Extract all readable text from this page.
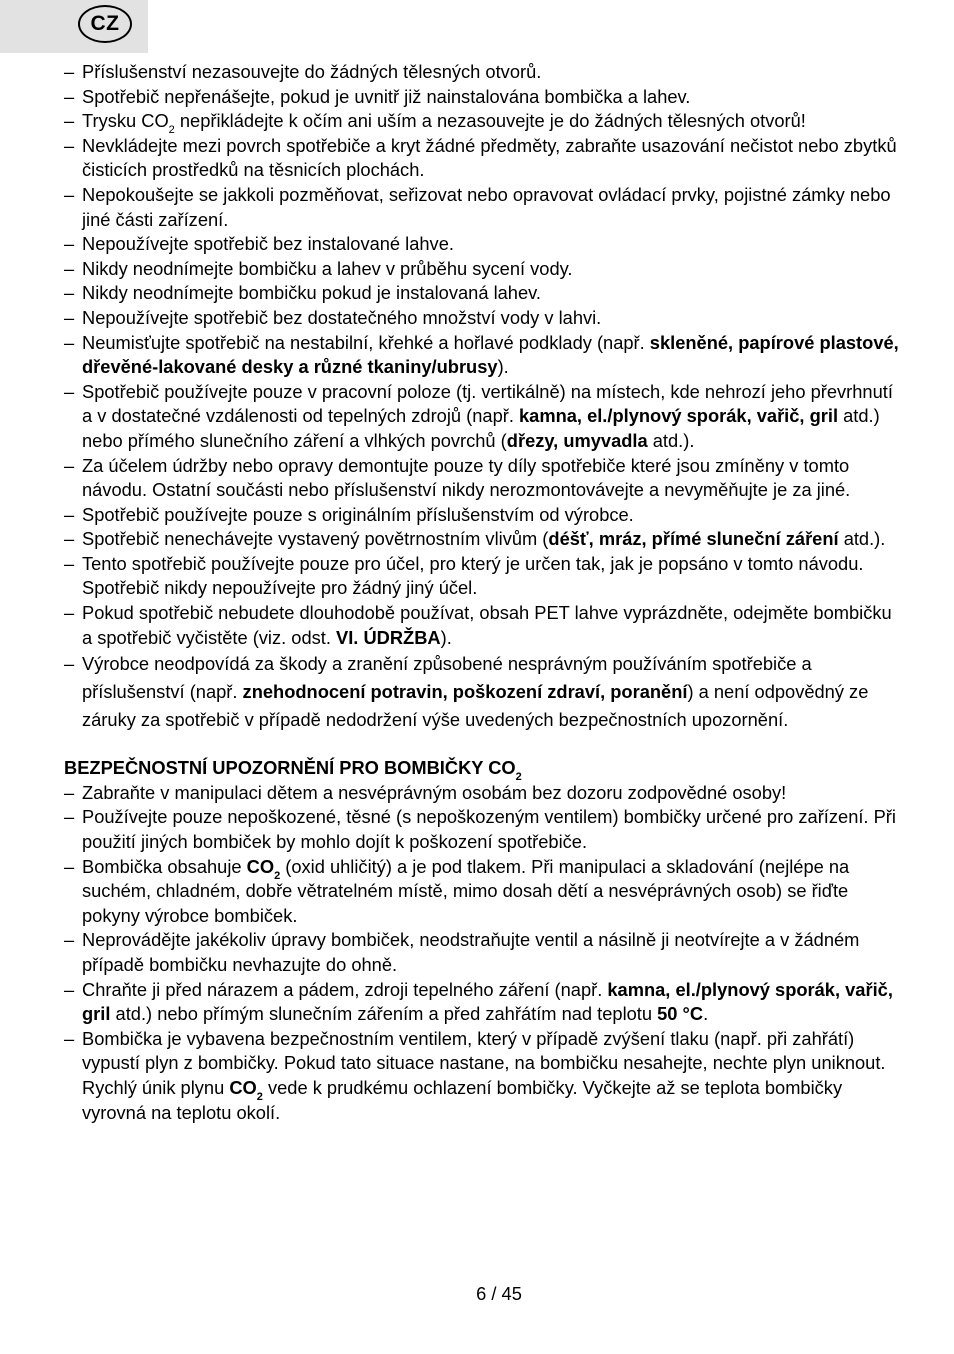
CZ

– Příslušenství nezasouvejte do žádných tělesných otvorů.

– Spotřebič nepřenášejte, pokud je uvnitř již nainstalována bombička a lahev.

– Trysku $CO_2$ nepřikládejte k očím ani uším a nezasouvejte je do žádných tělesných otvorů!

– Nevkládejte mezi povrch spotřebiče a kryt žádné předměty, zabraňte usazování nečistot nebo zbytků čisticích prostředků na těsnicích plochách.

– Nepokoušejte se jakkoli pozměňovat, seřizovat nebo opravovat ovládací prvky, pojistné zámky nebo jiné části zařízení.

– Nepoužívejte spotřebič bez instalované lahve.

– Nikdy neodnímejte bombičku a lahev v průběhu sycení vody.

– Nikdy neodnímejte bombičku pokud je instalovaná lahev.

– Nepoužívejte spotřebič bez dostatečného množství vody v lahvi.

– Neumisťujte spotřebič na nestabilní, křehké a hořlavé podklady (např. skleněné, papírové plastové, dřevěné-lakované desky a různé tkaniny/ubrusy).

– Spotřebič používejte pouze v pracovní poloze (tj. vertikálně) na místech, kde nehrozí jeho převrhnutí a v dostatečné vzdálenosti od tepelných zdrojů (např. kamna, el./plynový sporák, vařič, gril atd.) nebo přímého slunečního záření a vlhkých povrchů (dřezy, umyvadla atd.).

– Za účelem údržby nebo opravy demontujte pouze ty díly spotřebiče které jsou zmíněny v tomto návodu. Ostatní součásti nebo příslušenství nikdy nerozmontovávejte a nevyměňujte je za jiné.

– Spotřebič používejte pouze s originálním příslušenstvím od výrobce.

– Spotřebič nenechávejte vystavený povětrnostním vlivům (déšť, mráz, přímé sluneční záření atd.).

– Tento spotřebič používejte pouze pro účel, pro který je určen tak, jak je popsáno v tomto návodu. Spotřebič nikdy nepoužívejte pro žádný jiný účel.

– Pokud spotřebič nebudete dlouhodobě používat, obsah PET lahve vyprázdněte, odejměte bombičku a spotřebič vyčistěte (viz. odst. VI. ÚDRŽBA).

– Výrobce neodpovídá za škody a zranění způsobené nesprávným používáním spotřebiče a příslušenství (např. znehodnocení potravin, poškození zdraví, poranění) a není odpovědný ze záruky za spotřebič v případě nedodržení výše uvedených bezpečnostních upozornění.

BEZPEČNOSTNÍ UPOZORNĚNÍ PRO BOMBIČKY $CO_2$

– Zabraňte v manipulaci dětem a nesvéprávným osobám bez dozoru zodpovědné osoby!

– Používejte pouze nepoškozené, těsné (s nepoškozeným ventilem) bombičky určené pro zařízení. Při použití jiných bombiček by mohlo dojít k poškození spotřebiče.

– Bombička obsahuje $CO_2$ (oxid uhličitý) a je pod tlakem. Při manipulaci a skladování (nejlépe na suchém, chladném, dobře větratelném místě, mimo dosah dětí a nesvéprávných osob) se řiďte pokyny výrobce bombiček.

– Neprovádějte jakékoliv úpravy bombiček, neodstraňujte ventil a násilně ji neotvírejte a v žádném případě bombičku nevhazujte do ohně.

– Chraňte ji před nárazem a pádem, zdroji tepelného záření (např. kamna, el./plynový sporák, vařič, gril atd.) nebo přímým slunečním zářením a před zahřátím nad teplotu 50 °C.

– Bombička je vybavena bezpečnostním ventilem, který v případě zvýšení tlaku (např. při zahřátí) vypustí plyn z bombičky. Pokud tato situace nastane, na bombičku nesahejte, nechte plyn uniknout. Rychlý únik plynu $CO_2$ vede k prudkému ochlazení bombičky. Vyčkejte až se teplota bombičky vyrovná na teplotu okolí.

6 / 45
